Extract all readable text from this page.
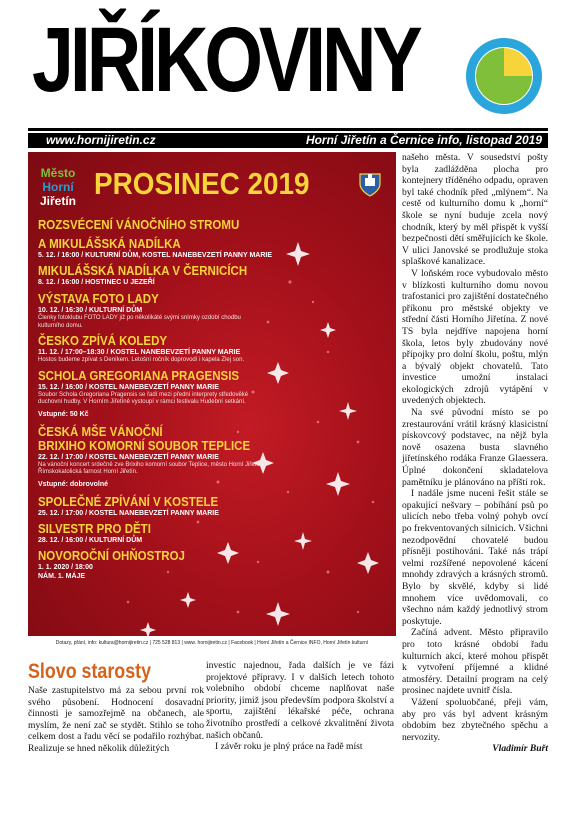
JIŘÍKOVINY
www.hornijiretin.cz	Horní Jiřetín a Černice info, listopad 2019
Město
Horní
Jiřetín PROSINEC 2019
ROZSVÉCENÍ VÁNOČNÍHO STROMU
A MIKULÁŠSKÁ NADÍLKA
5. 12. / 16:00 / KULTURNÍ DŮM, KOSTEL NANEBEVZETÍ PANNY MARIE
MIKULÁŠSKÁ NADÍLKA V ČERNICÍCH
8. 12. / 16:00 / HOSTINEC U JEZEŘÍ
VÝSTAVA FOTO LADY
10. 12. / 16:30 / KULTURNÍ DŮM
Členky fotoklubu FOTO LADY již po několikáté svými snímky ozdobí chodbu kulturního domu.
ČESKO ZPÍVÁ KOLEDY
11. 12. / 17:00–18:30 / KOSTEL NANEBEVZETÍ PANNY MARIE
Hostos budeme zpívat s Deníkem. Letošní ročník doprovodí i kapela Zlej son.
SCHOLA GREGORIANA PRAGENSIS
15. 12. / 16:00 / KOSTEL NANEBEVZETÍ PANNY MARIE
Soubor Schola Gregoriana Pragensis se řadí mezi přední interprety středověké duchovní hudby. V Horním Jiřetíně vystoupí v rámci festivalu Hudební setkání.
Vstupné: 50 Kč
ČESKÁ MŠE VÁNOČNÍ
BRIXIHO KOMORNÍ SOUBOR TEPLICE
22. 12. / 17:00 / KOSTEL NANEBEVZETÍ PANNY MARIE
Na vánoční koncert srdečně zve Brixiho komorní soubor Teplice, město Horní Jiřetín a Římskokatolická farnost Horní Jiřetín.
Vstupné: dobrovolné
SPOLEČNÉ ZPÍVÁNÍ V KOSTELE
25. 12. / 17:00 / KOSTEL NANEBEVZETÍ PANNY MARIE
SILVESTR PRO DĚTI
28. 12. / 16:00 / KULTURNÍ DŮM
NOVOROČNÍ OHŇOSTROJ
1. 1. 2020 / 18:00
NÁM. 1. MÁJE
Dotazy, přání, info: kultura@hornijiretin.cz | 725 528 813 | www. hornijiretin.cz | Facebook | Horní Jiřetín a Černice INFO, Horní Jiřetín kulturní

našeho města. V sousedství pošty byla zadlážděna plocha pro kontejnery tříděného odpadu, opraven byl také chodník před „mlýnem“. Na cestě od kulturního domu k „horní“ škole se nyní buduje zcela nový chodník, který by měl přispět k vyšší bezpečnosti dětí směřujících ke škole. V ulici Janovské se prodlužuje stoka splaškové kanalizace.

V loňském roce vybudovalo město v blízkosti kulturního domu novou trafostanici pro zajištění dostatečného příkonu pro městské objekty ve střední části Horního Jiřetína. Z nové TS byla nejdříve napojena horní škola, letos byly zbudovány nové přípojky pro dolní školu, poštu, mlýn a bývalý objekt chovatelů. Tato investice umožní instalaci ekologických zdrojů vytápění v uvedených objektech.

Na své původní místo se po zrestaurování vrátil krásný klasicistní pískovcový podstavec, na nějž byla nově osazena busta slavného jiřetínského rodáka Franze Glaessera. Úplné dokončení skladatelova pamětníku je plánováno na příští rok.

I nadále jsme nuceni řešit stále se opakující nešvary – pobíhání psů po ulicích nebo třeba volný pohyb ovcí po frekventovaných silnicích. Všichni nezodpovědní chovatelé budou přísněji postihováni. Také nás trápí velmi rozšířené nepovolené kácení mnohdy zdravých a krásných stromů. Bylo by skvělé, kdyby si lidé mnohem více uvědomovali, co všechno nám každý jednotlivý strom poskytuje.

Začíná advent. Město připravilo pro toto krásné období řadu kulturních akcí, které mohou přispět k vytvoření příjemné a klidné atmosféry. Detailní program na celý prosinec najdete uvnitř čísla.

Vážení spoluobčané, přeji vám, aby pro vás byl advent krásným obdobím bez zbytečného spěchu a nervozity.

Vladimír Buřt
Slovo starosty

Naše zastupitelstvo má za sebou první rok svého působení. Hodnocení dosavadní činnosti je samozřejmě na občanech, ale myslím, že není zač se stydět. Stihlo se toho celkem dost a řadu věcí se podařilo rozhýbat. Realizuje se hned několik důležitých

investic najednou, řada dalších je ve fázi projektové přípravy. I v dalších letech tohoto volebního období chceme naplňovat naše priority, jimiž jsou především podpora školství a sportu, zajištění lékařské péče, ochrana životního prostředí a celkové zkvalitnění života našich občanů.

I závěr roku je plný práce na řadě míst
